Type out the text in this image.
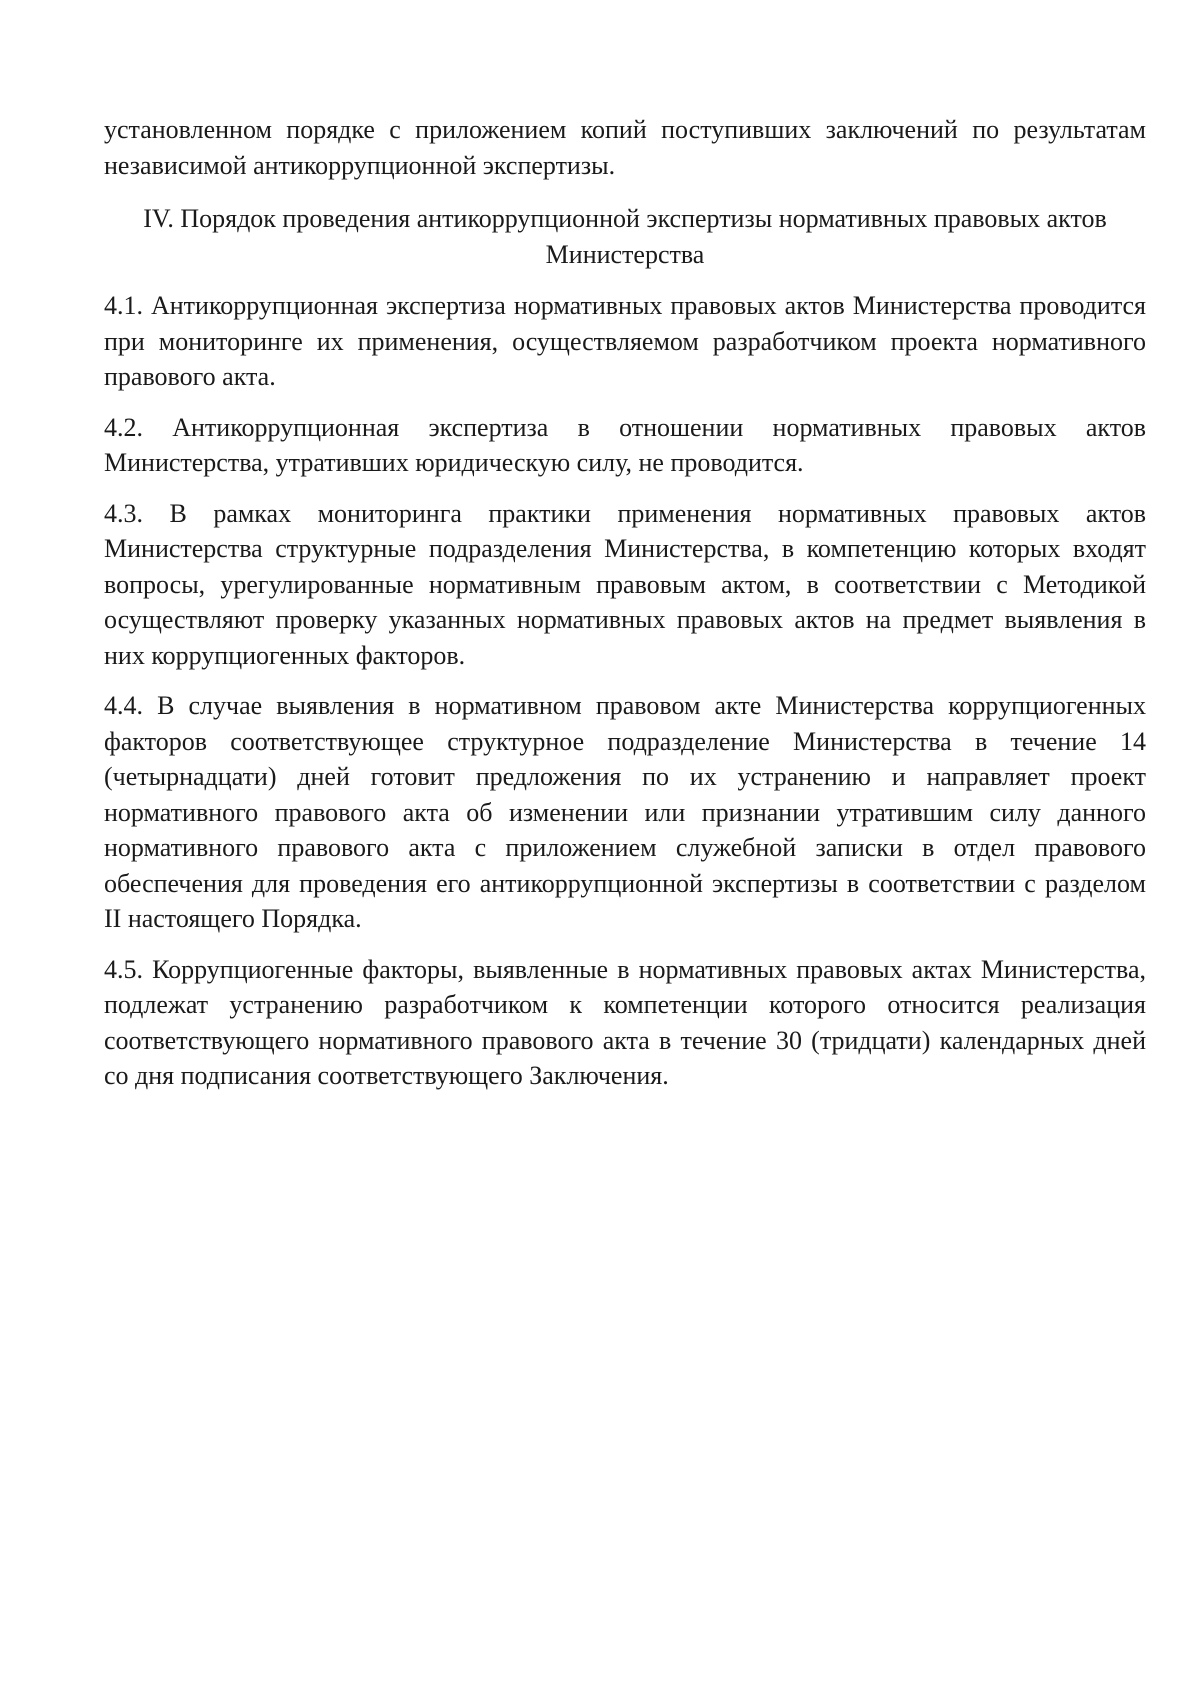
установленном порядке с приложением копий поступивших заключений по результатам независимой антикоррупционной экспертизы.

IV. Порядок проведения антикоррупционной экспертизы нормативных правовых актов Министерства

4.1. Антикоррупционная экспертиза нормативных правовых актов Министерства проводится при мониторинге их применения, осуществляемом разработчиком проекта нормативного правового акта.

4.2. Антикоррупционная экспертиза в отношении нормативных правовых актов Министерства, утративших юридическую силу, не проводится.

4.3. В рамках мониторинга практики применения нормативных правовых актов Министерства структурные подразделения Министерства, в компетенцию которых входят вопросы, урегулированные нормативным правовым актом, в соответствии с Методикой осуществляют проверку указанных нормативных правовых актов на предмет выявления в них коррупциогенных факторов.

4.4. В случае выявления в нормативном правовом акте Министерства коррупциогенных факторов соответствующее структурное подразделение Министерства в течение 14 (четырнадцати) дней готовит предложения по их устранению и направляет проект нормативного правового акта об изменении или признании утратившим силу данного нормативного правового акта с приложением служебной записки в отдел правового обеспечения для проведения его антикоррупционной экспертизы в соответствии с разделом II настоящего Порядка.

4.5. Коррупциогенные факторы, выявленные в нормативных правовых актах Министерства, подлежат устранению разработчиком к компетенции которого относится реализация соответствующего нормативного правового акта в течение 30 (тридцати) календарных дней со дня подписания соответствующего Заключения.
